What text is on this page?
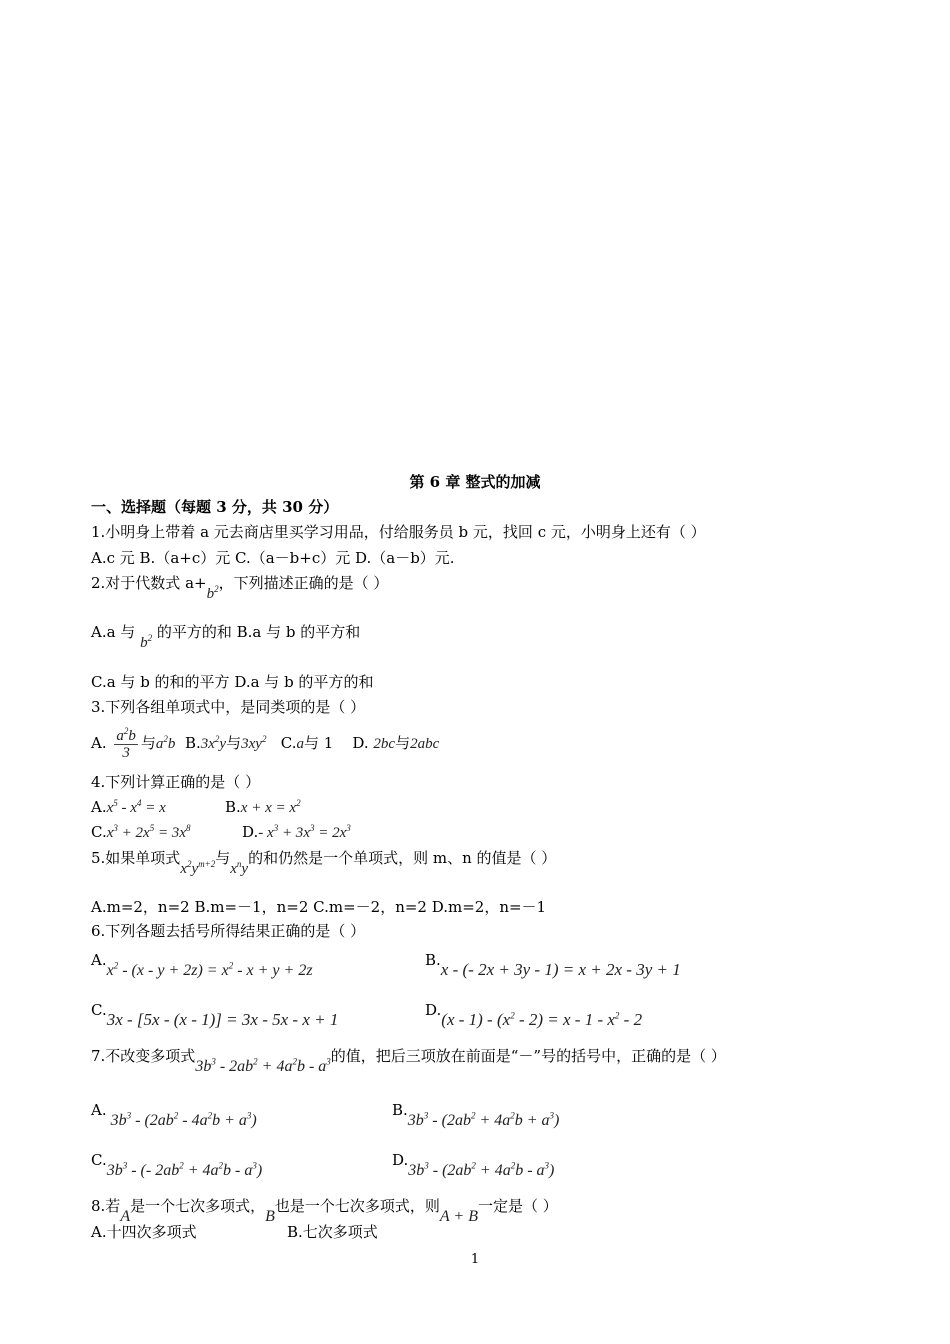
第 6 章 整式的加减
一、选择题（每题 3 分，共 30 分）
1.小明身上带着 a 元去商店里买学习用品，付给服务员 b 元，找回 c 元，小明身上还有（ ）
A.c 元 B.（a+c）元 C.（a－b+c）元 D.（a－b）元.
2.对于代数式 $a+b^2$，下列描述正确的是（ ）
A.a 与 $b^2$ 的平方的和 B.a 与 b 的平方和
C.a 与 b 的和的平方 D.a 与 b 的平方的和
3.下列各组单项式中，是同类项的是（ ）
A. $\frac{a^2b}{3}$ 与$a^2b$ $B.3x^2y$与$3xy^2$ C.a与 1 D. 2bc与2abc
4.下列计算正确的是（ ）
$A.x^5 - x^4 = x$	$B.x + x = x^2$
$C.x^3 + 2x^5 = 3x^8$	D.- $x^3 + 3x^3 = 2x^3$
5.如果单项式$x^2y^{m+2}$与$x^ny$的和仍然是一个单项式，则 m、n 的值是（ ）
A.m=2，n=2 B.m=－1，n=2 C.m=－2，n=2 D.m=2，n=－1
6.下列各题去括号所得结果正确的是（ ）
$A.x^2 - (x - y + 2z) = x^2 - x + y + 2z$
B.x - (- 2x + 3y - 1) = x + 2x - 3y + 1
C.3x - [5x - (x - 1)] = 3x - 5x - x + 1	$D.(x - 1) - (x^2 - 2) = x - 1 - x^2 - 2$
7.不改变多项式$3b^3 - 2ab^2 + 4a^2b - a^3$的值，把后三项放在前面是“－”号的括号中，正确的是（ ）
A. $3b^3 - (2ab^2 - 4a^2b + a^3)$
$B.3b^3 - (2ab^2 + 4a^2b + a^3)$
$C.3b^3$ - (- $2ab^2 + 4a^2b - a^3$)
$D.3b^3 - (2ab^2 + 4a^2b - a^3)$
8.若A是一个七次多项式，B也是一个七次多项式，则A + B一定是（ ）
A.十四次多项式	B.七次多项式
1
